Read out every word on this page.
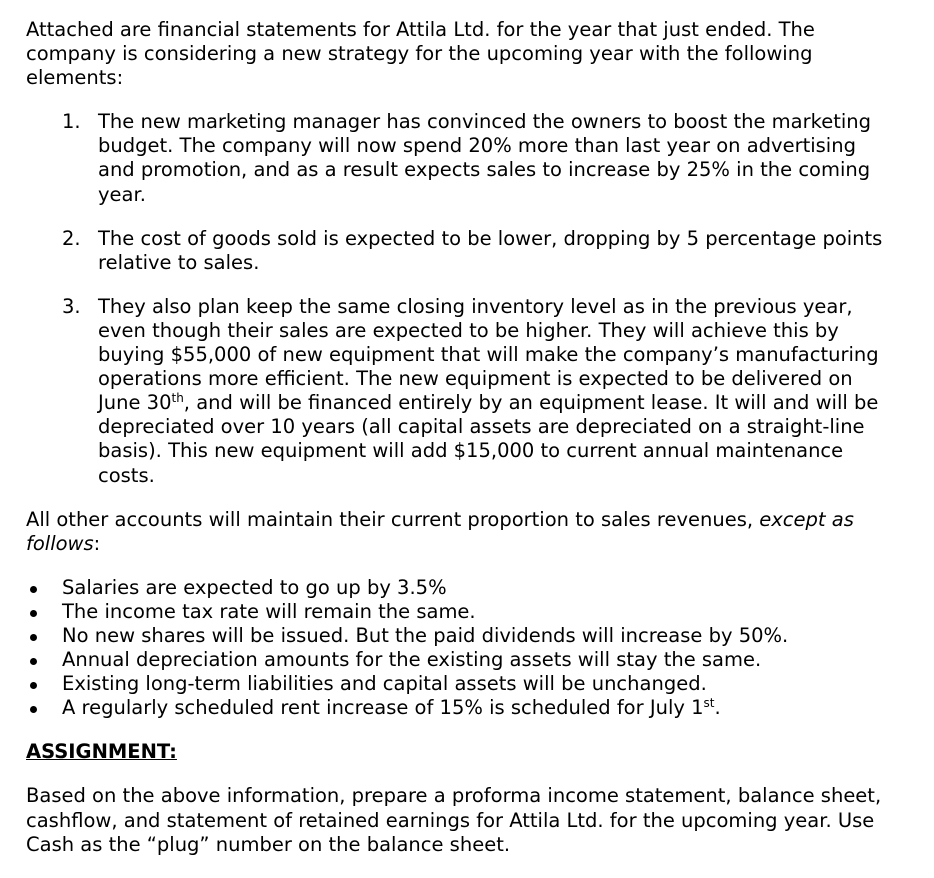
Attached are financial statements for Attila Ltd. for the year that just ended. The company is considering a new strategy for the upcoming year with the following elements:

1. The new marketing manager has convinced the owners to boost the marketing budget. The company will now spend 20% more than last year on advertising and promotion, and as a result expects sales to increase by 25% in the coming year.
2. The cost of goods sold is expected to be lower, dropping by 5 percentage points relative to sales.
3. They also plan keep the same closing inventory level as in the previous year, even though their sales are expected to be higher. They will achieve this by buying $55,000 of new equipment that will make the company’s manufacturing operations more efficient. The new equipment is expected to be delivered on June 30th, and will be financed entirely by an equipment lease. It will and will be depreciated over 10 years (all capital assets are depreciated on a straight-line basis). This new equipment will add $15,000 to current annual maintenance costs.

All other accounts will maintain their current proportion to sales revenues, except as follows:

Salaries are expected to go up by 3.5%
The income tax rate will remain the same.
No new shares will be issued. But the paid dividends will increase by 50%.
Annual depreciation amounts for the existing assets will stay the same.
Existing long-term liabilities and capital assets will be unchanged.
A regularly scheduled rent increase of 15% is scheduled for July 1st.

ASSIGNMENT:

Based on the above information, prepare a proforma income statement, balance sheet, cashflow, and statement of retained earnings for Attila Ltd. for the upcoming year. Use Cash as the “plug” number on the balance sheet.
